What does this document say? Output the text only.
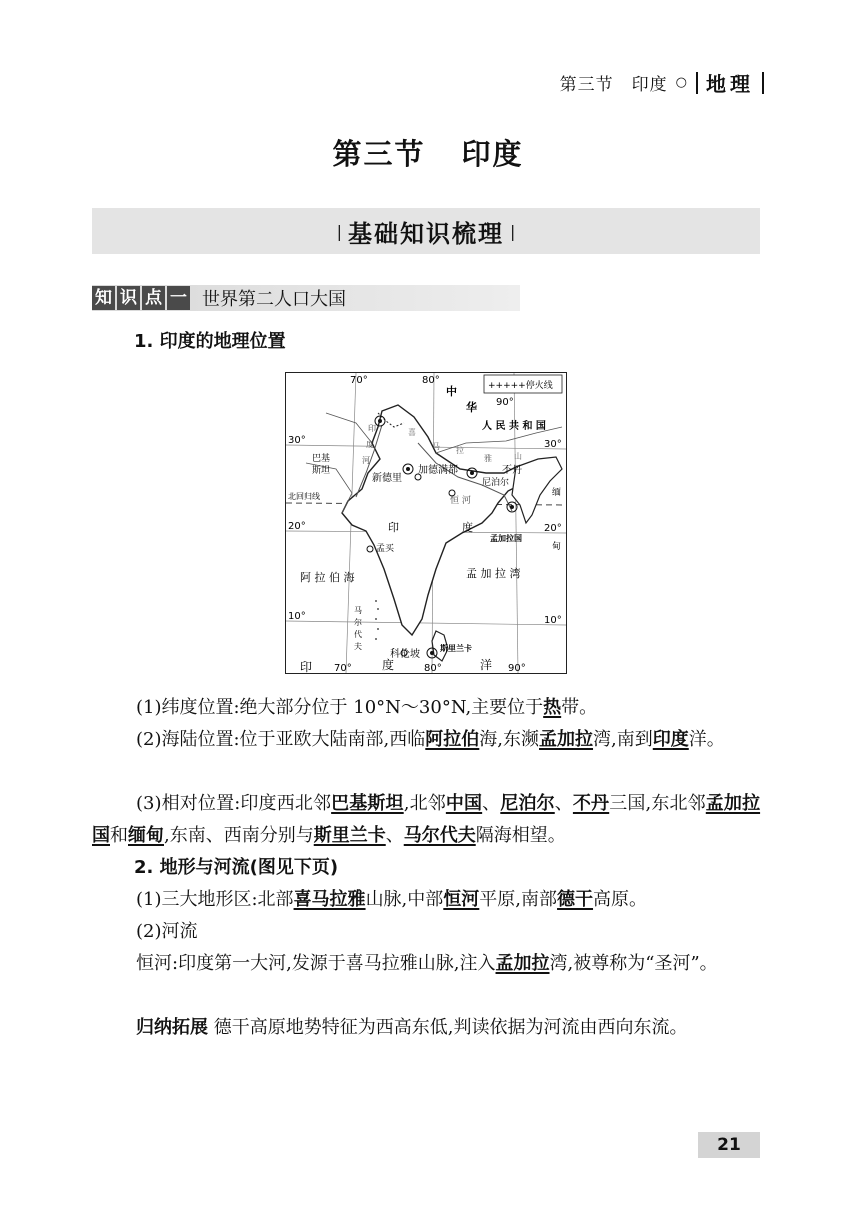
第三节　印度 ○ 地理
第三节 印度
| 基础知识梳理 |
知 识 点 一 世界第二人口大国
1. 印度的地理位置
+++++停火线
70°	80°
90°
70°	80°	90°
30°	30°
20°	20°
10°	10°
北回归线
中
华
人 民 共 和 国
巴基
斯坦
新德里
加德满都
尼泊尔
不丹
缅
甸
孟加拉国
印	度
孟买
阿 拉 伯 海	孟 加 拉 湾
马
尔
代
夫
科伦坡
斯里兰卡
印	度	洋
恒 河
印
度
河
喜
马 拉
雅	山
(1)纬度位置:绝大部分位于 10°N～30°N,主要位于热带。
(2)海陆位置:位于亚欧大陆南部,西临阿拉伯海,东濒孟加拉湾,南到印度洋。
(3)相对位置:印度西北邻巴基斯坦,北邻中国、尼泊尔、不丹三国,东北邻孟加拉国和缅甸,东南、西南分别与斯里兰卡、马尔代夫隔海相望。
2. 地形与河流(图见下页)
(1)三大地形区:北部喜马拉雅山脉,中部恒河平原,南部德干高原。
(2)河流
恒河:印度第一大河,发源于喜马拉雅山脉,注入孟加拉湾,被尊称为“圣河”。
归纳拓展 德干高原地势特征为西高东低,判读依据为河流由西向东流。
21
